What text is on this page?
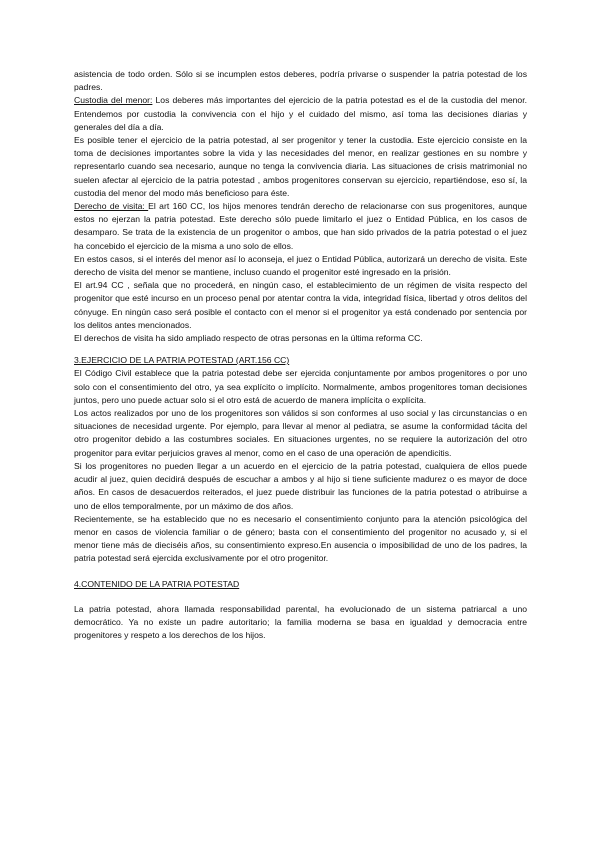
asistencia de todo orden. Sólo si se incumplen estos deberes, podría privarse o suspender la patria potestad de los padres.

Custodia del menor: Los deberes más importantes del ejercicio de la patria potestad es el de la custodia del menor. Entendemos por custodia la convivencia con el hijo y el cuidado del mismo, así toma las decisiones diarias y generales del día a día.

Es posible tener el ejercicio de la patria potestad, al ser progenitor y tener la custodia. Este ejercicio consiste en la toma de decisiones importantes sobre la vida y las necesidades del menor, en realizar gestiones en su nombre y representarlo cuando sea necesario, aunque no tenga la convivencia diaria. Las situaciones de crisis matrimonial no suelen afectar al ejercicio de la patria potestad , ambos progenitores conservan su ejercicio, repartiéndose, eso sí, la custodia del menor del modo más beneficioso para éste.

Derecho de visita: El art 160 CC, los hijos menores tendrán derecho de relacionarse con sus progenitores, aunque estos no ejerzan la patria potestad. Este derecho sólo puede limitarlo el juez o Entidad Pública, en los casos de desamparo. Se trata de la existencia de un progenitor o ambos, que han sido privados de la patria potestad o el juez ha concebido el ejercicio de la misma a uno solo de ellos.

En estos casos, si el interés del menor así lo aconseja, el juez o Entidad Pública, autorizará un derecho de visita. Este derecho de visita del menor se mantiene, incluso cuando el progenitor esté ingresado en la prisión.

El art.94 CC , señala que no procederá, en ningún caso, el establecimiento de un régimen de visita respecto del progenitor que esté incurso en un proceso penal por atentar contra la vida, integridad física, libertad y otros delitos del cónyuge. En ningún caso será posible el contacto con el menor si el progenitor ya está condenado por sentencia por los delitos antes mencionados.

El derechos de visita ha sido ampliado respecto de otras personas en la última reforma CC.

3.EJERCICIO DE LA PATRIA POTESTAD (ART.156 CC)

El Código Civil establece que la patria potestad debe ser ejercida conjuntamente por ambos progenitores o por uno solo con el consentimiento del otro, ya sea explícito o implícito. Normalmente, ambos progenitores toman decisiones juntos, pero uno puede actuar solo si el otro está de acuerdo de manera implícita o explícita.

Los actos realizados por uno de los progenitores son válidos si son conformes al uso social y las circunstancias o en situaciones de necesidad urgente. Por ejemplo, para llevar al menor al pediatra, se asume la conformidad tácita del otro progenitor debido a las costumbres sociales. En situaciones urgentes, no se requiere la autorización del otro progenitor para evitar perjuicios graves al menor, como en el caso de una operación de apendicitis.

Si los progenitores no pueden llegar a un acuerdo en el ejercicio de la patria potestad, cualquiera de ellos puede acudir al juez, quien decidirá después de escuchar a ambos y al hijo si tiene suficiente madurez o es mayor de doce años. En casos de desacuerdos reiterados, el juez puede distribuir las funciones de la patria potestad o atribuirse a uno de ellos temporalmente, por un máximo de dos años.

Recientemente, se ha establecido que no es necesario el consentimiento conjunto para la atención psicológica del menor en casos de violencia familiar o de género; basta con el consentimiento del progenitor no acusado y, si el menor tiene más de dieciséis años, su consentimiento expreso.En ausencia o imposibilidad de uno de los padres, la patria potestad será ejercida exclusivamente por el otro progenitor.

4.CONTENIDO DE LA PATRIA POTESTAD

La patria potestad, ahora llamada responsabilidad parental, ha evolucionado de un sistema patriarcal a uno democrático. Ya no existe un padre autoritario; la familia moderna se basa en igualdad y democracia entre progenitores y respeto a los derechos de los hijos.
